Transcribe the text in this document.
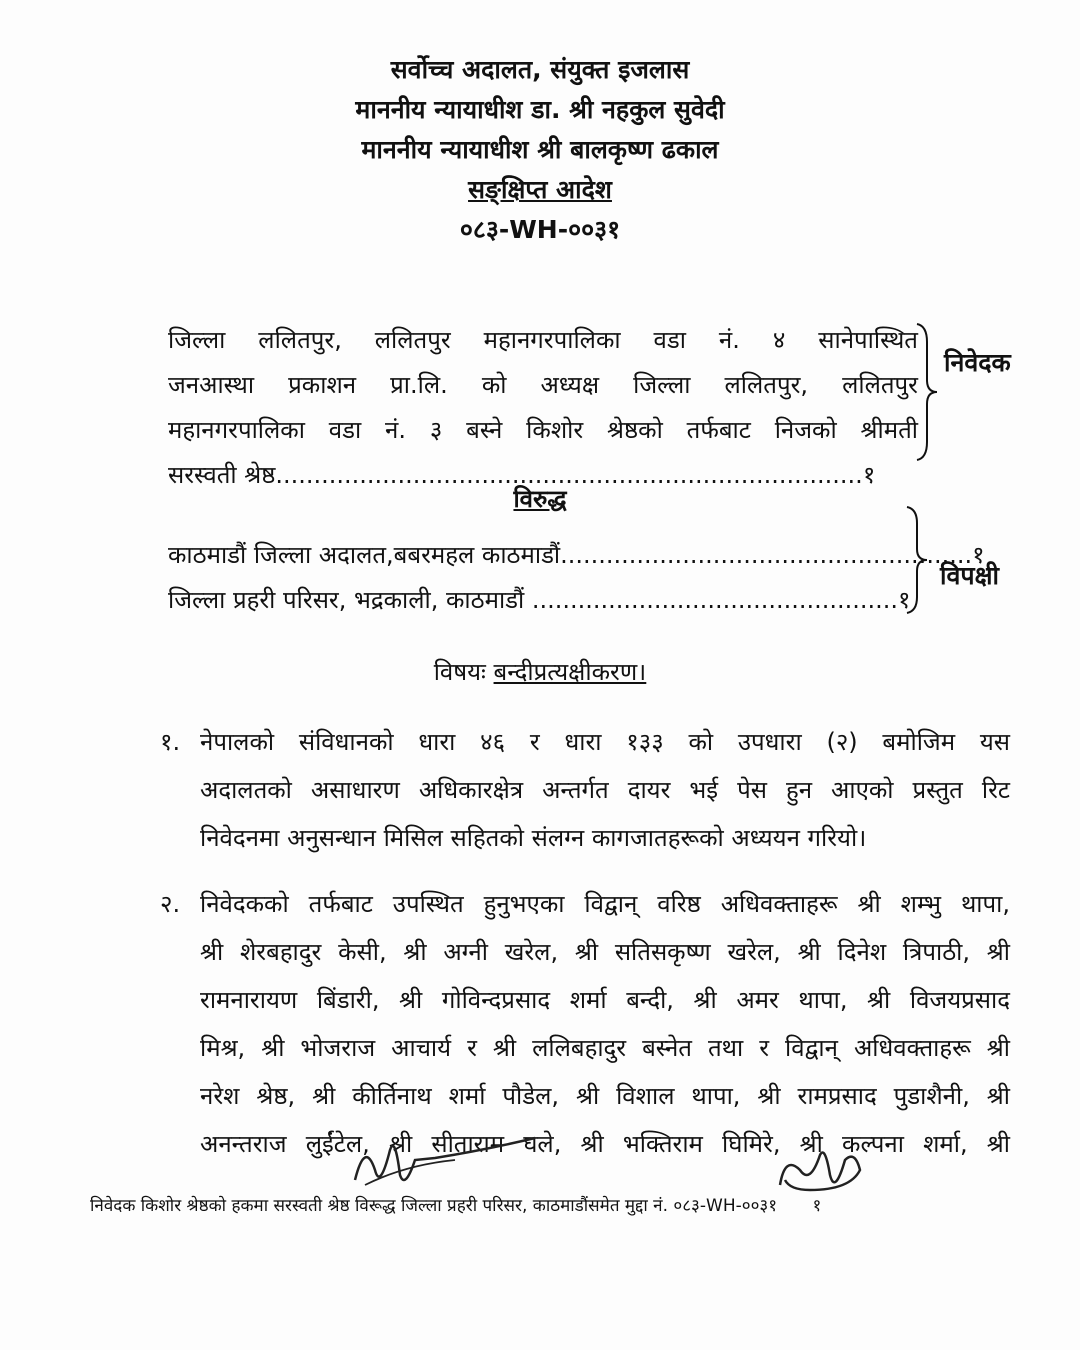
सर्वोच्च अदालत, संयुक्त इजलास
माननीय न्यायाधीश डा. श्री नहकुल सुवेदी
माननीय न्यायाधीश श्री बालकृष्ण ढकाल
सङ्क्षिप्त आदेश
०८३-WH-००३१
जिल्ला ललितपुर, ललितपुर महानगरपालिका वडा नं. ४ सानेपास्थित
जनआस्था प्रकाशन प्रा.लि. को अध्यक्ष जिल्ला ललितपुर, ललितपुर
महानगरपालिका वडा नं. ३ बस्ने किशोर श्रेष्ठको तर्फबाट निजको श्रीमती
सरस्वती श्रेष्ठ.............................................................................१
निवेदक
विरुद्ध
काठमाडौं जिल्ला अदालत,बबरमहल काठमाडौं......................................................१
जिल्ला प्रहरी परिसर, भद्रकाली, काठमाडौं ................................................१
विपक्षी
विषयः बन्दीप्रत्यक्षीकरण।
१. नेपालको संविधानको धारा ४६ र धारा १३३ को उपधारा (२) बमोजिम यस
अदालतको असाधारण अधिकारक्षेत्र अन्तर्गत दायर भई पेस हुन आएको प्रस्तुत रिट
निवेदनमा अनुसन्धान मिसिल सहितको संलग्न कागजातहरूको अध्ययन गरियो।
२. निवेदकको तर्फबाट उपस्थित हुनुभएका विद्वान् वरिष्ठ अधिवक्ताहरू श्री शम्भु थापा,
श्री शेरबहादुर केसी, श्री अग्नी खरेल, श्री सतिसकृष्ण खरेल, श्री दिनेश त्रिपाठी, श्री
रामनारायण बिंडारी, श्री गोविन्दप्रसाद शर्मा बन्दी, श्री अमर थापा, श्री विजयप्रसाद
मिश्र, श्री भोजराज आचार्य र श्री ललिबहादुर बस्नेत तथा र विद्वान् अधिवक्ताहरू श्री
नरेश श्रेष्ठ, श्री कीर्तिनाथ शर्मा पौडेल, श्री विशाल थापा, श्री रामप्रसाद पुडाशैनी, श्री
अनन्तराज लुईंटेल, श्री सीताराम घले, श्री भक्तिराम घिमिरे, श्री कल्पना शर्मा, श्री
निवेदक किशोर श्रेष्ठको हकमा सरस्वती श्रेष्ठ विरूद्ध जिल्ला प्रहरी परिसर, काठमाडौंसमेत मुद्दा नं. ०८३-WH-००३१ १
